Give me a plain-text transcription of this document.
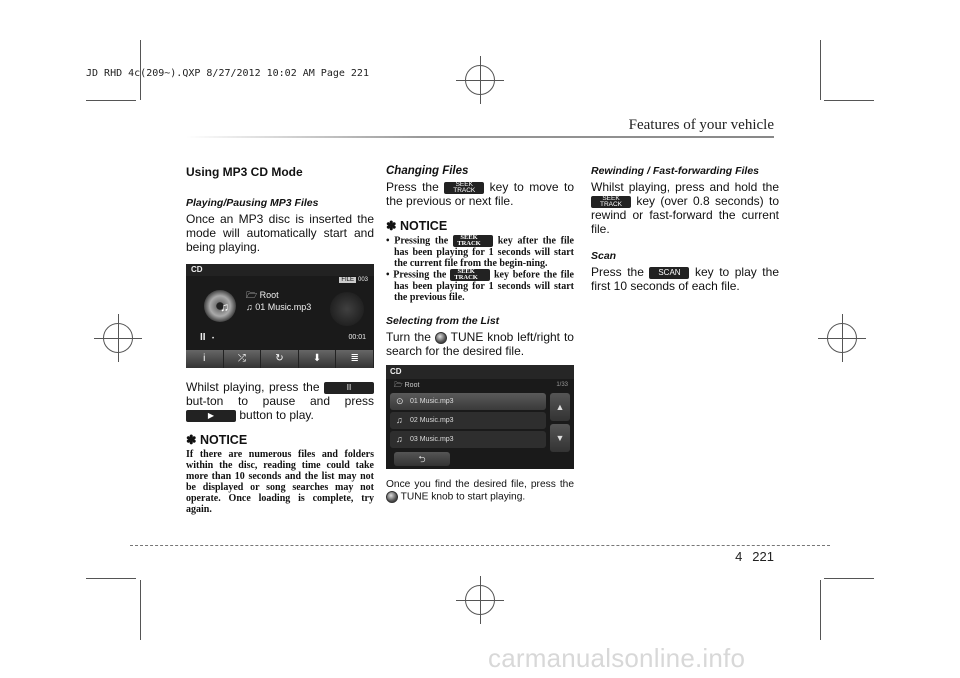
JD RHD 4c(209~).QXP 8/27/2012 10:02 AM Page 221
Features of your vehicle
Using MP3 CD Mode
Playing/Pausing MP3 Files
Once an MP3 disc is inserted the mode will automatically start and being playing.
CD
FILE 003
♫
🗁 Root
♫ 01 Music.mp3
II •	00:01
i	⤮	↻	⬇	≣
Whilst playing, press the	II but-ton to pause and press ▶ button to play.
✽ NOTICE
If there are numerous files and folders within the disc, reading time could take more than 10 seconds and the list may not be displayed or song searches may not operate. Once loading is complete, try again.
Changing Files
Press the	SEEK
TRACK	key to move to the previous or next file.
✽ NOTICE
• Pressing the	SEEK
TRACK	key after the file has been playing for 1 seconds will start the current file from the begin-ning.
• Pressing the	SEEK
TRACK	key before the file has been playing for 1 seconds will start the previous file.
Selecting from the List
Turn the TUNE knob left/right to search for the desired file.
CD
🗁 Root	1/33
⊙ 01 Music.mp3
♫ 02 Music.mp3
♫ 03 Music.mp3
▲
▼
⮌
Once you find the desired file, press the  TUNE knob to start playing.
Rewinding / Fast-forwarding Files
Whilst playing, press and hold the
SEEK
TRACK	key (over 0.8 seconds) to rewind or fast-forward the current file.
Scan
Press the SCAN key to play the first 10 seconds of each file.
4 221
carmanualsonline.info
